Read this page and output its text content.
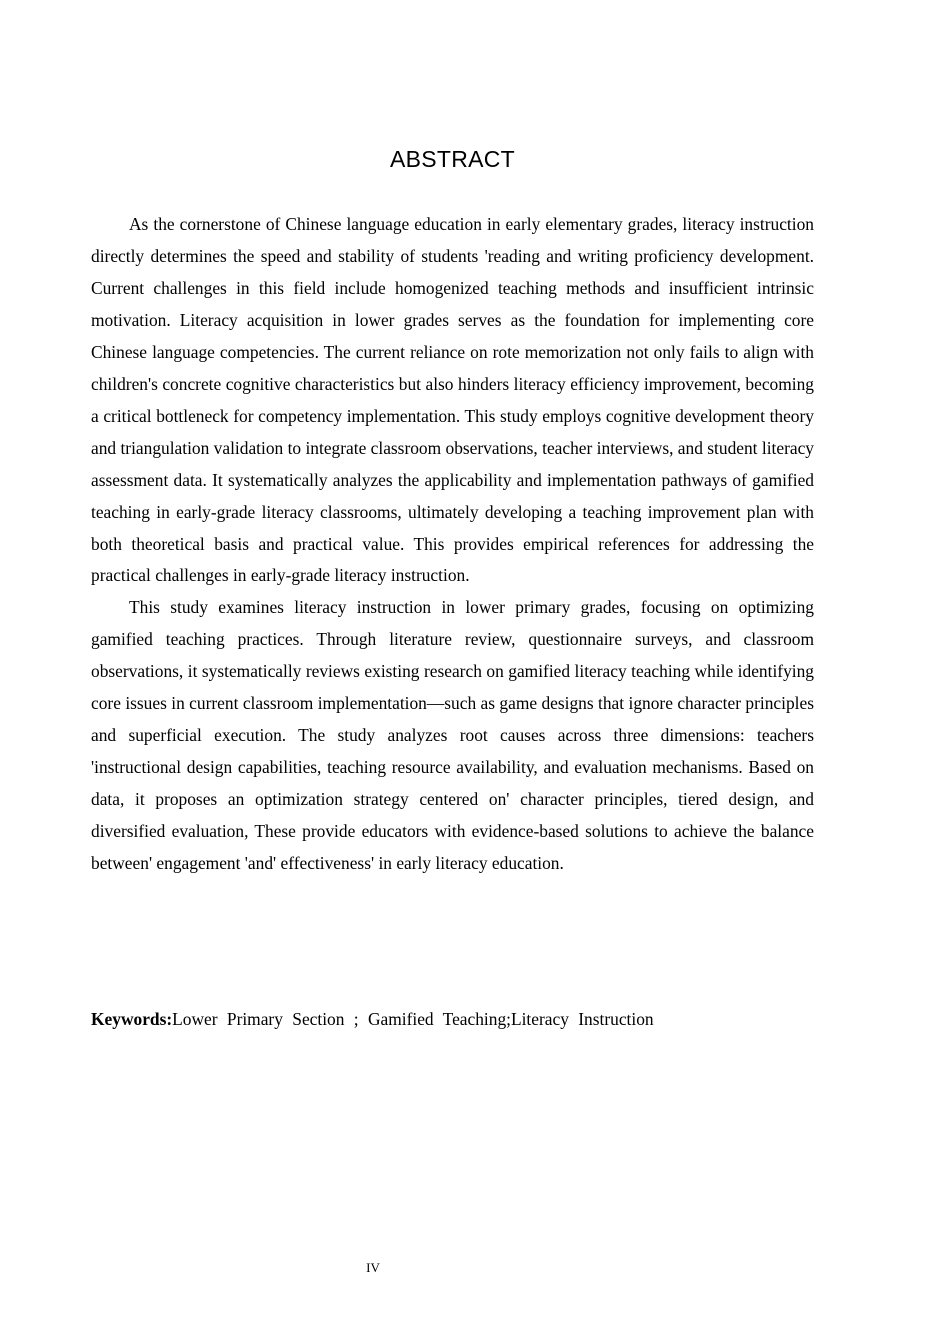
ABSTRACT

As the cornerstone of Chinese language education in early elementary grades, literacy instruction directly determines the speed and stability of students 'reading and writing proficiency development. Current challenges in this field include homogenized teaching methods and insufficient intrinsic motivation. Literacy acquisition in lower grades serves as the foundation for implementing core Chinese language competencies. The current reliance on rote memorization not only fails to align with children's concrete cognitive characteristics but also hinders literacy efficiency improvement, becoming a critical bottleneck for competency implementation. This study employs cognitive development theory and triangulation validation to integrate classroom observations, teacher interviews, and student literacy assessment data. It systematically analyzes the applicability and implementation pathways of gamified teaching in early-grade literacy classrooms, ultimately developing a teaching improvement plan with both theoretical basis and practical value. This provides empirical references for addressing the practical challenges in early-grade literacy instruction.

This study examines literacy instruction in lower primary grades, focusing on optimizing gamified teaching practices. Through literature review, questionnaire surveys, and classroom observations, it systematically reviews existing research on gamified literacy teaching while identifying core issues in current classroom implementation—such as game designs that ignore character principles and superficial execution. The study analyzes root causes across three dimensions: teachers 'instructional design capabilities, teaching resource availability, and evaluation mechanisms. Based on data, it proposes an optimization strategy centered on' character principles, tiered design, and diversified evaluation, These provide educators with evidence-based solutions to achieve the balance between' engagement 'and' effectiveness' in early literacy education.

Keywords:Lower Primary Section ; Gamified Teaching;Literacy Instruction
IV
